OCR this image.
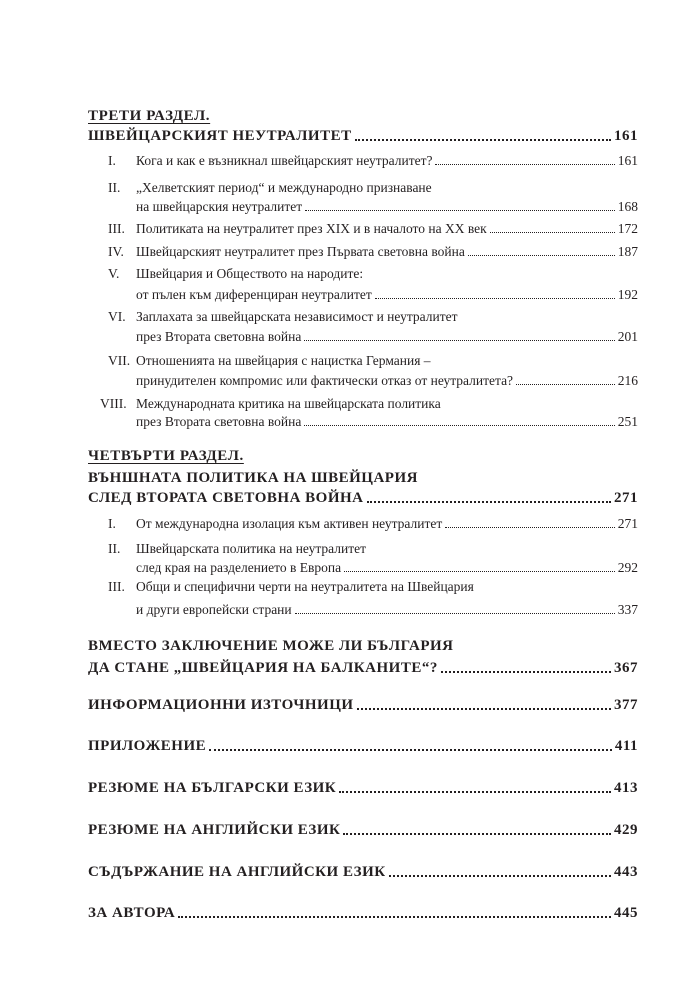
ТРЕТИ РАЗДЕЛ.
ШВЕЙЦАРСКИЯТ НЕУТРАЛИТЕТ	161
I. Кога и как е възникнал швейцарският неутралитет?	161
II. „Хелветският период“ и международно признаване
на швейцарския неутралитет	168
III. Политиката на неутралитет през XIX и в началото на XX век	172
IV. Швейцарският неутралитет през Първата световна война	187
V. Швейцария и Обществото на народите:
от пълен към диференциран неутралитет	192
VI. Заплахата за швейцарската независимост и неутралитет
през Втората световна война	201
VII. Отношенията на швейцария с нацистка Германия –
принудителен компромис или фактически отказ от неутралитета?	216
VIII. Международната критика на швейцарската политика
през Втората световна война	251
ЧЕТВЪРТИ РАЗДЕЛ.
ВЪНШНАТА ПОЛИТИКА НА ШВЕЙЦАРИЯ
СЛЕД ВТОРАТА СВЕТОВНА ВОЙНА	271
I. От международна изолация към активен неутралитет	271
II. Швейцарската политика на неутралитет
след края на разделението в Европа	292
III. Общи и специфични черти на неутралитета на Швейцария
и други европейски страни	337
ВМЕСТО ЗАКЛЮЧЕНИЕ МОЖЕ ЛИ БЪЛГАРИЯ
ДА СТАНЕ „ШВЕЙЦАРИЯ НА БАЛКАНИТЕ“?	367
ИНФОРМАЦИОННИ ИЗТОЧНИЦИ	377
ПРИЛОЖЕНИЕ	411
РЕЗЮМЕ НА БЪЛГАРСКИ ЕЗИК	413
РЕЗЮМЕ НА АНГЛИЙСКИ ЕЗИК	429
СЪДЪРЖАНИЕ НА АНГЛИЙСКИ ЕЗИК	443
ЗА АВТОРА	445
